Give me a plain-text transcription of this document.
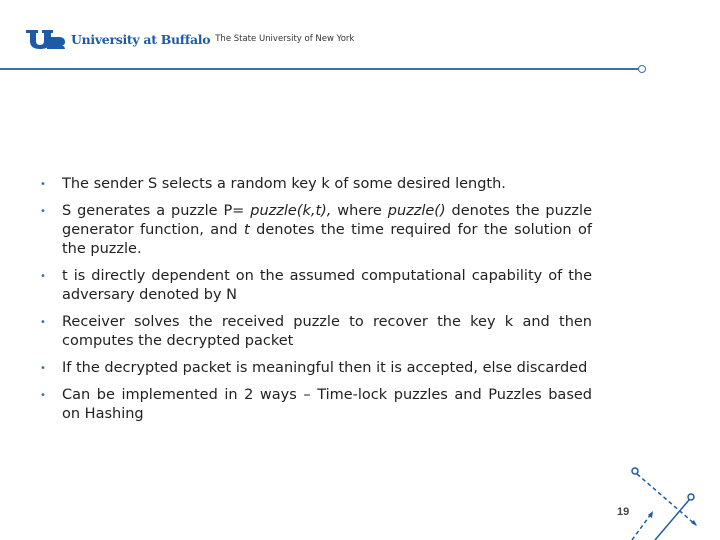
University at Buffalo The State University of New York
• The sender S selects a random key k of some desired length.
• S generates a puzzle P= puzzle(k,t), where puzzle() denotes the puzzle generator function, and t denotes the time required for the solution of the puzzle.
• t is directly dependent on the assumed computational capability of the adversary denoted by N
• Receiver solves the received puzzle to recover the key k and then computes the decrypted packet
• If the decrypted packet is meaningful then it is accepted, else discarded
• Can be implemented in 2 ways – Time-lock puzzles and Puzzles based on Hashing
19
